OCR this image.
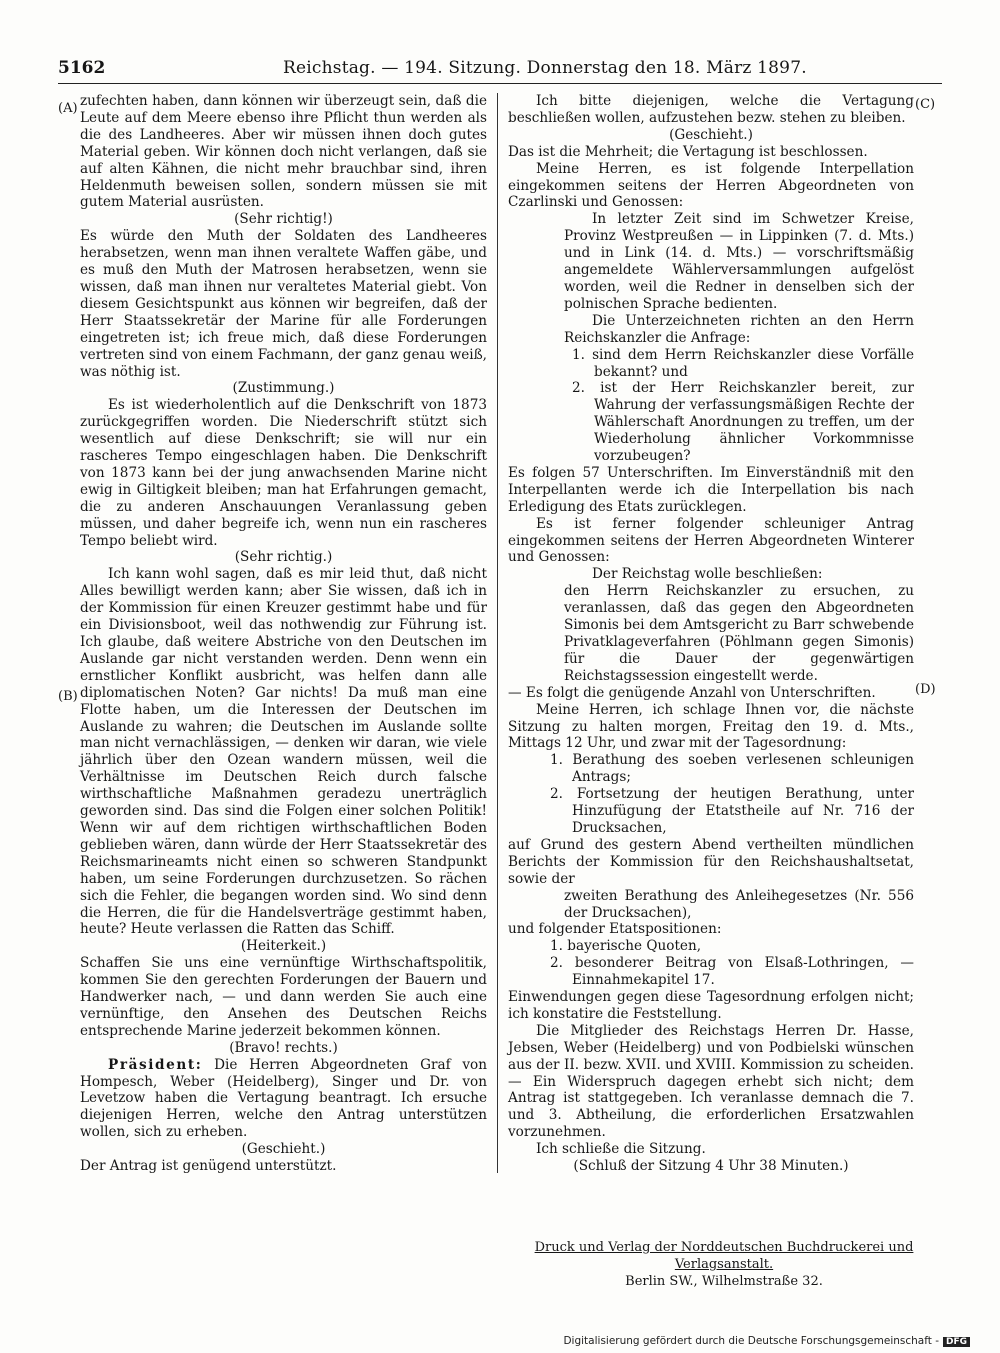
5162	Reichstag. — 194. Sitzung. Donnerstag den 18. März 1897.
(A)
(B)
(C)
(D)

zufechten haben, dann können wir überzeugt sein, daß die Leute auf dem Meere ebenso ihre Pflicht thun werden als die des Landheeres. Aber wir müssen ihnen doch gutes Material geben. Wir können doch nicht verlangen, daß sie auf alten Kähnen, die nicht mehr brauchbar sind, ihren Heldenmuth beweisen sollen, sondern müssen sie mit gutem Material ausrüsten.

(Sehr richtig!)

Es würde den Muth der Soldaten des Landheeres herabsetzen, wenn man ihnen veraltete Waffen gäbe, und es muß den Muth der Matrosen herabsetzen, wenn sie wissen, daß man ihnen nur veraltetes Material giebt. Von diesem Gesichtspunkt aus können wir begreifen, daß der Herr Staatssekretär der Marine für alle Forderungen eingetreten ist; ich freue mich, daß diese Forderungen vertreten sind von einem Fachmann, der ganz genau weiß, was nöthig ist.

(Zustimmung.)

Es ist wiederholentlich auf die Denkschrift von 1873 zurückgegriffen worden. Die Niederschrift stützt sich wesentlich auf diese Denkschrift; sie will nur ein rascheres Tempo eingeschlagen haben. Die Denkschrift von 1873 kann bei der jung anwachsenden Marine nicht ewig in Giltigkeit bleiben; man hat Erfahrungen gemacht, die zu anderen Anschauungen Veranlassung geben müssen, und daher begreife ich, wenn nun ein rascheres Tempo beliebt wird.

(Sehr richtig.)

Ich kann wohl sagen, daß es mir leid thut, daß nicht Alles bewilligt werden kann; aber Sie wissen, daß ich in der Kommission für einen Kreuzer gestimmt habe und für ein Divisionsboot, weil das nothwendig zur Führung ist. Ich glaube, daß weitere Abstriche von den Deutschen im Auslande gar nicht verstanden werden. Denn wenn ein ernstlicher Konflikt ausbricht, was helfen dann alle diplomatischen Noten? Gar nichts! Da muß man eine Flotte haben, um die Interessen der Deutschen im Auslande zu wahren; die Deutschen im Auslande sollte man nicht vernachlässigen, — denken wir daran, wie viele jährlich über den Ozean wandern müssen, weil die Verhältnisse im Deutschen Reich durch falsche wirthschaftliche Maßnahmen geradezu unerträglich geworden sind. Das sind die Folgen einer solchen Politik! Wenn wir auf dem richtigen wirthschaftlichen Boden geblieben wären, dann würde der Herr Staatssekretär des Reichsmarineamts nicht einen so schweren Standpunkt haben, um seine Forderungen durchzusetzen. So rächen sich die Fehler, die begangen worden sind. Wo sind denn die Herren, die für die Handelsverträge gestimmt haben, heute? Heute verlassen die Ratten das Schiff.

(Heiterkeit.)

Schaffen Sie uns eine vernünftige Wirthschaftspolitik, kommen Sie den gerechten Forderungen der Bauern und Handwerker nach, — und dann werden Sie auch eine vernünftige, den Ansehen des Deutschen Reichs entsprechende Marine jederzeit bekommen können.

(Bravo! rechts.)

Präsident: Die Herren Abgeordneten Graf von Hompesch, Weber (Heidelberg), Singer und Dr. von Levetzow haben die Vertagung beantragt. Ich ersuche diejenigen Herren, welche den Antrag unterstützen wollen, sich zu erheben.

(Geschieht.)

Der Antrag ist genügend unterstützt.

Ich bitte diejenigen, welche die Vertagung beschließen wollen, aufzustehen bezw. stehen zu bleiben.

(Geschieht.)

Das ist die Mehrheit; die Vertagung ist beschlossen.

Meine Herren, es ist folgende Interpellation eingekommen seitens der Herren Abgeordneten von Czarlinski und Genossen:

In letzter Zeit sind im Schwetzer Kreise, Provinz Westpreußen — in Lippinken (7. d. Mts.) und in Link (14. d. Mts.) — vorschriftsmäßig angemeldete Wählerversammlungen aufgelöst worden, weil die Redner in denselben sich der polnischen Sprache bedienten.

Die Unterzeichneten richten an den Herrn Reichskanzler die Anfrage:

1. sind dem Herrn Reichskanzler diese Vorfälle bekannt? und

2. ist der Herr Reichskanzler bereit, zur Wahrung der verfassungsmäßigen Rechte der Wählerschaft Anordnungen zu treffen, um der Wiederholung ähnlicher Vorkommnisse vorzubeugen?

Es folgen 57 Unterschriften. Im Einverständniß mit den Interpellanten werde ich die Interpellation bis nach Erledigung des Etats zurücklegen.

Es ist ferner folgender schleuniger Antrag eingekommen seitens der Herren Abgeordneten Winterer und Genossen:

Der Reichstag wolle beschließen:

den Herrn Reichskanzler zu ersuchen, zu veranlassen, daß das gegen den Abgeordneten Simonis bei dem Amtsgericht zu Barr schwebende Privatklageverfahren (Pöhlmann gegen Simonis) für die Dauer der gegenwärtigen Reichstagssession eingestellt werde.

— Es folgt die genügende Anzahl von Unterschriften.

Meine Herren, ich schlage Ihnen vor, die nächste Sitzung zu halten morgen, Freitag den 19. d. Mts., Mittags 12 Uhr, und zwar mit der Tagesordnung:

1. Berathung des soeben verlesenen schleunigen Antrags;

2. Fortsetzung der heutigen Berathung, unter Hinzufügung der Etatstheile auf Nr. 716 der Drucksachen,

auf Grund des gestern Abend vertheilten mündlichen Berichts der Kommission für den Reichshaushaltsetat, sowie der

zweiten Berathung des Anleihegesetzes (Nr. 556 der Drucksachen),

und folgender Etatspositionen:

1. bayerische Quoten,

2. besonderer Beitrag von Elsaß-Lothringen, — Einnahmekapitel 17.

Einwendungen gegen diese Tagesordnung erfolgen nicht; ich konstatire die Feststellung.

Die Mitglieder des Reichstags Herren Dr. Hasse, Jebsen, Weber (Heidelberg) und von Podbielski wünschen aus der II. bezw. XVII. und XVIII. Kommission zu scheiden. — Ein Widerspruch dagegen erhebt sich nicht; dem Antrag ist stattgegeben. Ich veranlasse demnach die 7. und 3. Abtheilung, die erforderlichen Ersatzwahlen vorzunehmen.

Ich schließe die Sitzung.

(Schluß der Sitzung 4 Uhr 38 Minuten.)

Druck und Verlag der Norddeutschen Buchdruckerei und Verlagsanstalt.
Berlin SW., Wilhelmstraße 32.
Digitalisierung gefördert durch die Deutsche Forschungsgemeinschaft - DFG
